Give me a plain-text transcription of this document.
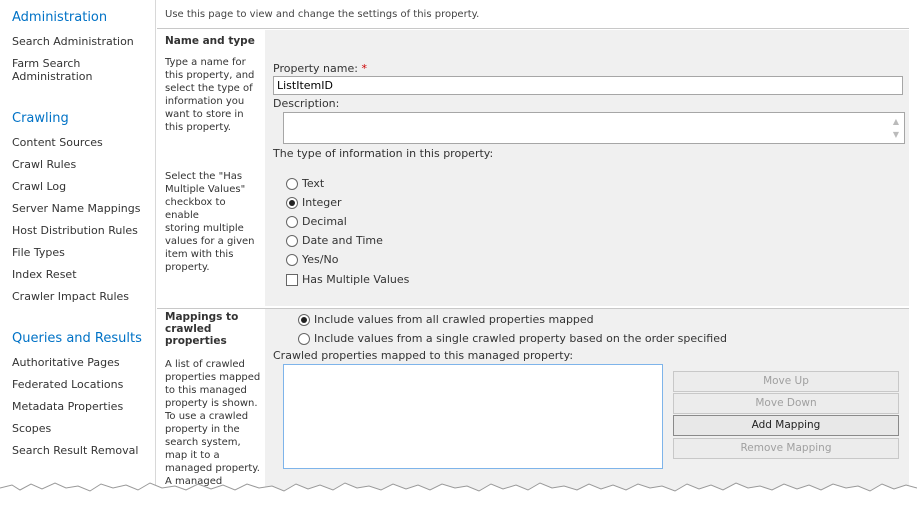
Administration
Search Administration
Farm Search
Administration
Crawling
Content Sources
Crawl Rules
Crawl Log
Server Name Mappings
Host Distribution Rules
File Types
Index Reset
Crawler Impact Rules
Queries and Results
Authoritative Pages
Federated Locations
Metadata Properties
Scopes
Search Result Removal
Use this page to view and change the settings of this property.
Name and type
Type a name for
this property, and
select the type of
information you
want to store in
this property.
Select the "Has
Multiple Values"
checkbox to enable
storing multiple
values for a given
item with this
property.
Property name: *
ListItemID
Description:
▲
▼
The type of information in this property:
Text
Integer
Decimal
Date and Time
Yes/No
Has Multiple Values
Mappings to
crawled
properties
A list of crawled
properties mapped
to this managed
property is shown.
To use a crawled
property in the
search system,
map it to a
managed property.
A managed
Include values from all crawled properties mapped
Include values from a single crawled property based on the order specified
Crawled properties mapped to this managed property:
Move Up
Move Down
Add Mapping
Remove Mapping
